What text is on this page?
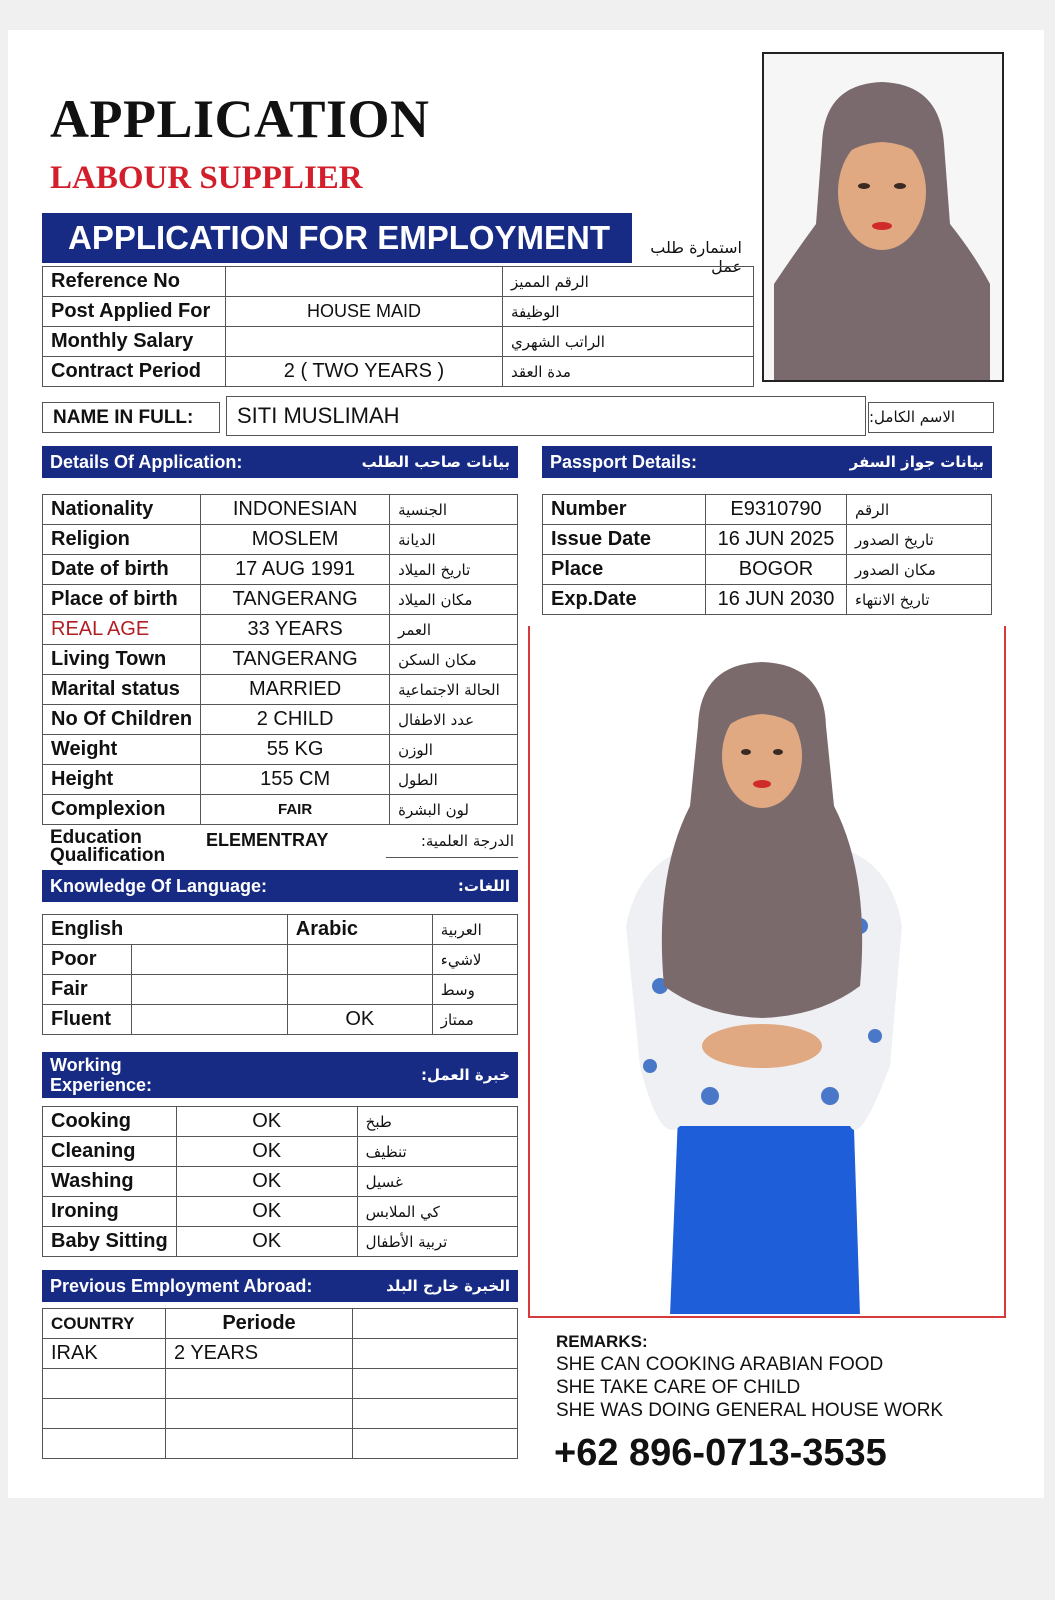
APPLICATION
LABOUR SUPPLIER
APPLICATION FOR EMPLOYMENT	استمارة طلب عمل
Reference No		الرقم المميز
Post Applied For	HOUSE MAID	الوظيفة
Monthly Salary		الراتب الشهري
Contract Period	2 ( TWO YEARS )	مدة العقد
NAME IN FULL:	SITI MUSLIMAH	الاسم الكامل:
Details Of Application:	بيانات صاحب الطلب Passport Details:	بيانات جواز السفر
Nationality	INDONESIAN	الجنسية
Religion	MOSLEM	الديانة
Date of birth	17 AUG 1991	تاريخ الميلاد
Place of birth	TANGERANG	مكان الميلاد
REAL AGE	33 YEARS	العمر
Living Town	TANGERANG	مكان السكن
Marital status	MARRIED	الحالة الاجتماعية
No Of Children	2 CHILD	عدد الاطفال
Weight	55 KG	الوزن
Height	155 CM	الطول
Complexion	FAIR	لون البشرة
Education
Qualification
ELEMENTRAY	الدرجة العلمية:
Number	E9310790	الرقم
Issue Date	16 JUN 2025	تاريخ الصدور
Place	BOGOR	مكان الصدور
Exp.Date	16 JUN 2030	تاريخ الانتهاء
Knowledge Of Language:	اللغات:
English		Arabic	العربية
Poor			لاشيء
Fair			وسط
Fluent		OK	ممتاز
Working
Experience:	خبرة العمل:
Cooking	OK	طبخ
Cleaning	OK	تنظيف
Washing	OK	غسيل
Ironing	OK	كي الملابس
Baby Sitting	OK	تربية الأطفال
Previous Employment Abroad:	الخبرة خارج البلد
COUNTRY	Periode	
IRAK	2 YEARS	

REMARKS:
SHE CAN COOKING ARABIAN FOOD
SHE TAKE CARE OF CHILD
SHE WAS DOING GENERAL HOUSE WORK
+62 896-0713-3535
